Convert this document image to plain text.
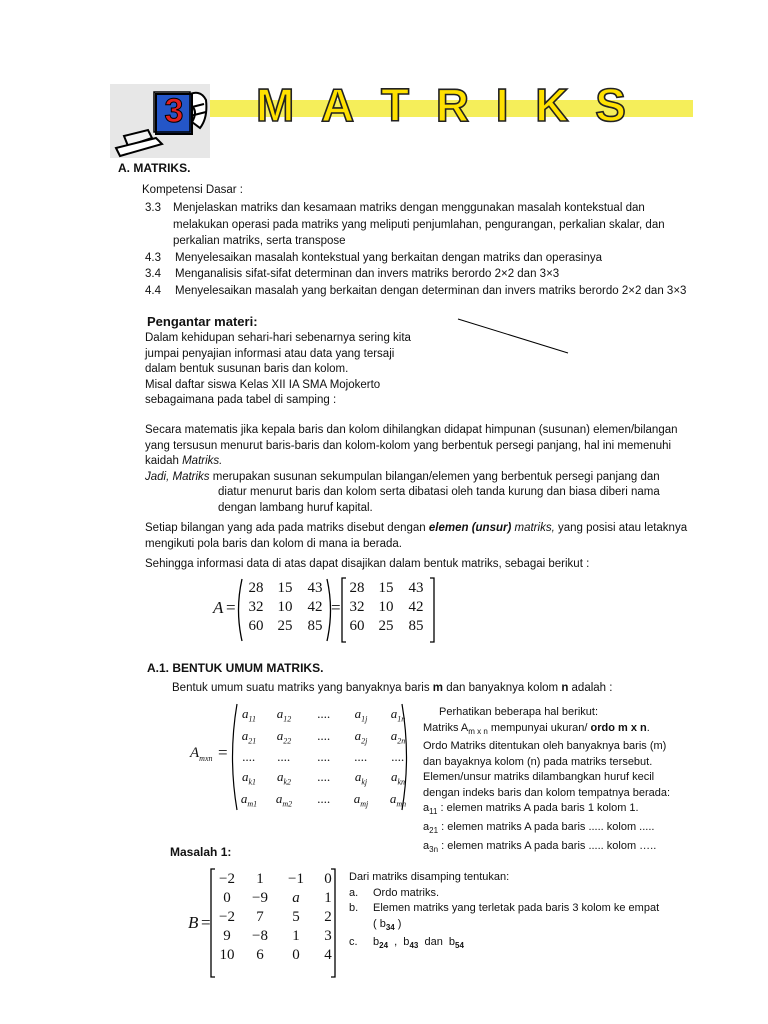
3 M A T R I K S
A. MATRIKS.
Kompetensi Dasar :
3.3	Menjelaskan matriks dan kesamaan matriks dengan menggunakan masalah kontekstual dan
melakukan operasi pada matriks yang meliputi penjumlahan, pengurangan, perkalian skalar, dan
perkalian matriks, serta transpose
4.3	Menyelesaikan masalah kontekstual yang berkaitan dengan matriks dan operasinya
3.4	Menganalisis sifat-sifat determinan dan invers matriks berordo 2×2 dan 3×3
4.4	Menyelesaikan masalah yang berkaitan dengan determinan dan invers matriks berordo 2×2 dan 3×3
Pengantar materi:
Dalam kehidupan sehari-hari sebenarnya sering kita
jumpai penyajian informasi atau data yang tersaji
dalam bentuk susunan baris dan kolom.
Misal daftar siswa Kelas XII IA SMA Mojokerto
sebagaimana pada tabel di samping :
Secara matematis jika kepala baris dan kolom dihilangkan didapat himpunan (susunan) elemen/bilangan
yang tersusun menurut baris-baris dan kolom-kolom yang berbentuk persegi panjang, hal ini memenuhi
kaidah Matriks.
Jadi, Matriks merupakan susunan sekumpulan bilangan/elemen yang berbentuk persegi panjang dan
diatur menurut baris dan kolom serta dibatasi oleh tanda kurung dan biasa diberi nama
dengan lambang huruf kapital.
Setiap bilangan yang ada pada matriks disebut dengan elemen (unsur) matriks, yang posisi atau letaknya
mengikuti pola baris dan kolom di mana ia berada.
Sehingga informasi data di atas dapat disajikan dalam bentuk matriks, sebagai berikut :
A =
28 15	43
32 10	42
60 25	85
=
28 15	43
32 10	42
60 25	85
A.1. BENTUK UMUM MATRIKS.
Bentuk umum suatu matriks yang banyaknya baris m dan banyaknya kolom n adalah :
$A_{mxn}$ =
$a_{11}$	$a_{12}$	....	$a_{1j}$	$a_{1n}$
$a_{21}$	$a_{22}$	....	$a_{2j}$	$a_{2n}$
....	....	....	....	....
$a_{k1}$	$a_{k2}$	....	$a_{kj}$	$a_{kn}$
$a_{m1}$	$a_{m2}$	....	$a_{mj}$	$a_{mn}$
Perhatikan beberapa hal berikut:
Matriks $A_{m x n}$ mempunyai ukuran/ ordo m x n.
Ordo Matriks ditentukan oleh banyaknya baris (m)
dan bayaknya kolom (n) pada matriks tersebut.
Elemen/unsur matriks dilambangkan huruf kecil
dengan indeks baris dan kolom tempatnya berada:
$a_{11}$ : elemen matriks A pada baris 1 kolom 1.
$a_{21}$ : elemen matriks A pada baris ..... kolom .....
$a_{3n}$ : elemen matriks A pada baris ..... kolom …..
Masalah 1:
B =
−2	1	−1	0
0	−9	a	1
−2	7	5	2
9	−8	1	3
10	6	0	4
Dari matriks disamping tentukan:
a.	Ordo matriks.
b.	Elemen matriks yang terletak pada baris 3 kolom ke empat
( $b_{34}$ )
c.	$b_{24}$  ,  $b_{43}$  dan  $b_{54}$
